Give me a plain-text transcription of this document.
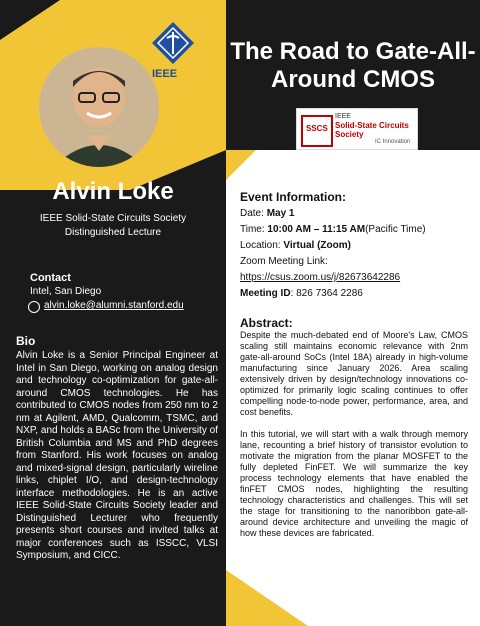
IEEE
The Road to Gate-All-Around CMOS
SSCS
IEEE
Solid-State Circuits Society
IC Innovation
Alvin Loke
IEEE Solid-State Circuits Society
Distinguished Lecture
Contact
Intel, San Diego
alvin.loke@alumni.stanford.edu
Bio
Alvin Loke is a Senior Principal Engineer at Intel in San Diego, working on analog design and technology co-optimization for gate-all-around CMOS technologies. He has contributed to CMOS nodes from 250 nm to 2 nm at Agilent, AMD, Qualcomm, TSMC, and NXP, and holds a BASc from the University of British Columbia and MS and PhD degrees from Stanford. His work focuses on analog and mixed-signal design, particularly wireline links, chiplet I/O, and design-technology interface methodologies. He is an active IEEE Solid-State Circuits Society leader and Distinguished Lecturer who frequently presents short courses and invited talks at major conferences such as ISSCC, VLSI Symposium, and CICC.
Event Information:
Date: May 1
Time: 10:00 AM – 11:15 AM(Pacific Time)
Location: Virtual (Zoom)
Zoom Meeting Link:
https://csus.zoom.us/j/82673642286
Meeting ID: 826 7364 2286
Abstract:

Despite the much-debated end of Moore's Law, CMOS scaling still maintains economic relevance with 2nm gate-all-around SoCs (Intel 18A) already in high-volume manufacturing since January 2026. Area scaling extensively driven by design/technology innovations co-optimized for primarily logic scaling continues to offer compelling node-to-node power, performance, area, and cost benefits.

In this tutorial, we will start with a walk through memory lane, recounting a brief history of transistor evolution to motivate the migration from the planar MOSFET to the fully depleted FinFET. We will summarize the key process technology elements that have enabled the finFET CMOS nodes, highlighting the resulting technology characteristics and challenges. This will set the stage for transitioning to the nanoribbon gate-all-around device architecture and unveiling the magic of how these devices are fabricated.
